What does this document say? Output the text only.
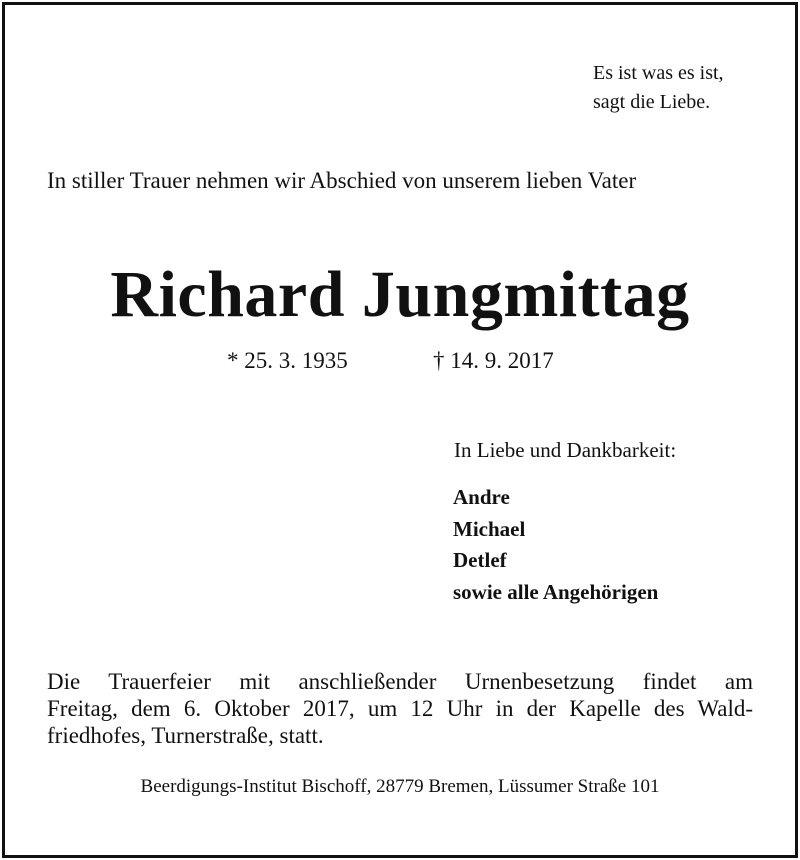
Es ist was es ist,
sagt die Liebe.
In stiller Trauer nehmen wir Abschied von unserem lieben Vater
Richard Jungmittag
* 25. 3. 1935	† 14. 9. 2017
In Liebe und Dankbarkeit:
Andre
Michael
Detlef
sowie alle Angehörigen
Die Trauerfeier mit anschließender Urnenbesetzung findet am
Freitag, dem 6. Oktober 2017, um 12 Uhr in der Kapelle des Wald-
friedhofes, Turnerstraße, statt.
Beerdigungs-Institut Bischoff, 28779 Bremen, Lüssumer Straße 101
